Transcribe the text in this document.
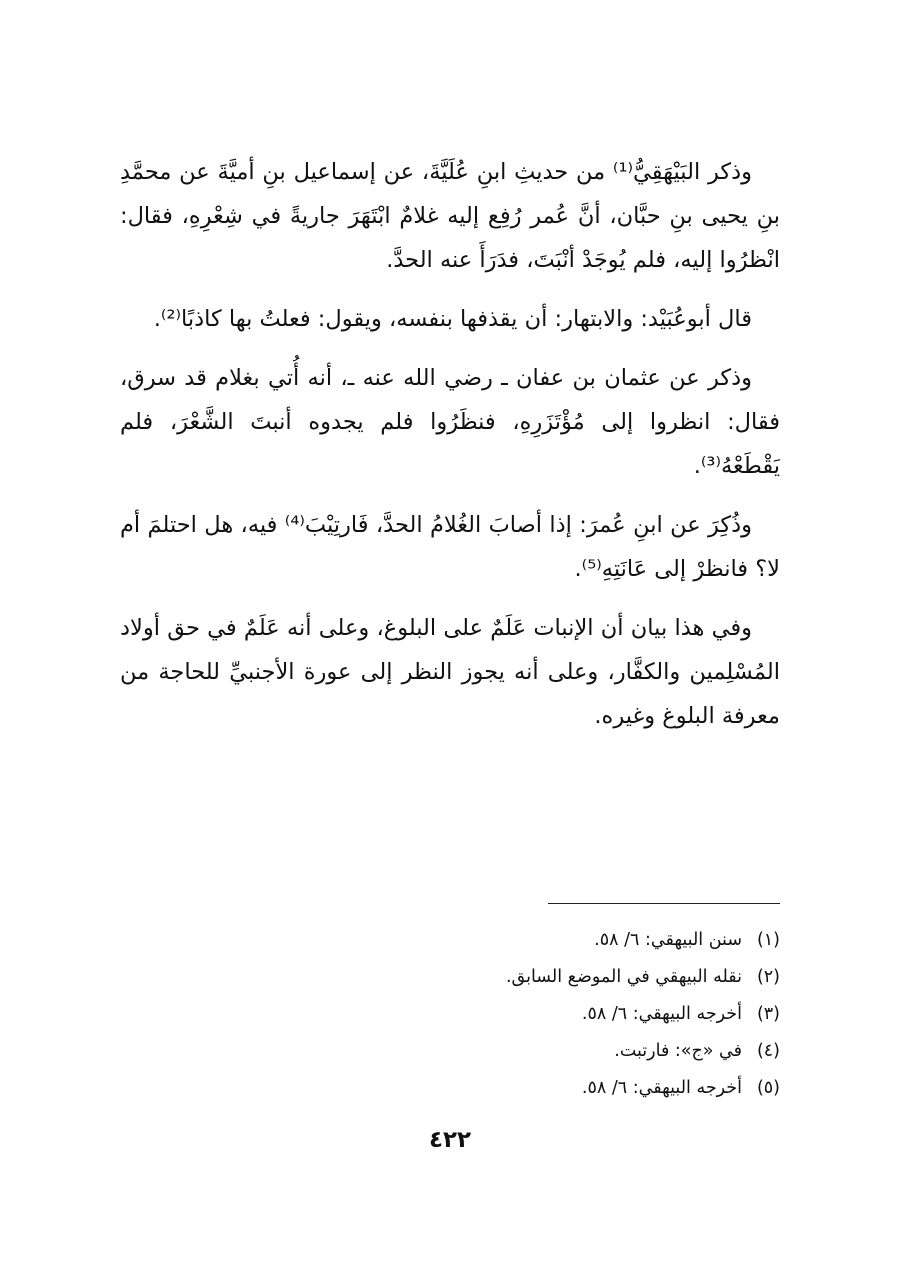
وذكر البَيْهَقِيُّ⁽¹⁾ من حديثِ ابنِ عُلَيَّةَ، عن إسماعيل بنِ أميَّةَ عن محمَّدِ بنِ يحيى بنِ حبَّان، أنَّ عُمر رُفِع إليه غلامٌ ابْتَهَرَ جاريةً في شِعْرِهِ، فقال: انْظرُوا إليه، فلم يُوجَدْ أنْبَتَ، فدَرَأَ عنه الحدَّ.

قال أبوعُبَيْد: والابتهار: أن يقذفها بنفسه، ويقول: فعلتُ بها كاذبًا⁽²⁾.

وذكر عن عثمان بن عفان ـ رضي الله عنه ـ، أنه أُتي بغلام قد سرق، فقال: انظروا إلى مُؤْتَزَرِهِ، فنظَرُوا فلم يجدوه أنبتَ الشَّعْرَ، فلم يَقْطَعْهُ⁽³⁾.

وذُكِرَ عن ابنِ عُمرَ: إذا أصابَ الغُلامُ الحدَّ، فَارتِيْبَ⁽⁴⁾ فيه، هل احتلمَ أم لا؟ فانظرْ إلى عَانَتِهِ⁽⁵⁾.

وفي هذا بيان أن الإنبات عَلَمٌ على البلوغ، وعلى أنه عَلَمٌ في حق أولاد المُسْلِمين والكفَّار، وعلى أنه يجوز النظر إلى عورة الأجنبيِّ للحاجة من معرفة البلوغ وغيره.

(١)
سنن البيهقي: ٦/ ٥٨.
(٢)
نقله البيهقي في الموضع السابق.
(٣)
أخرجه البيهقي: ٦/ ٥٨.
(٤)
في «ج»: فارتبت.
(٥)
أخرجه البيهقي: ٦/ ٥٨.
٤٢٢
